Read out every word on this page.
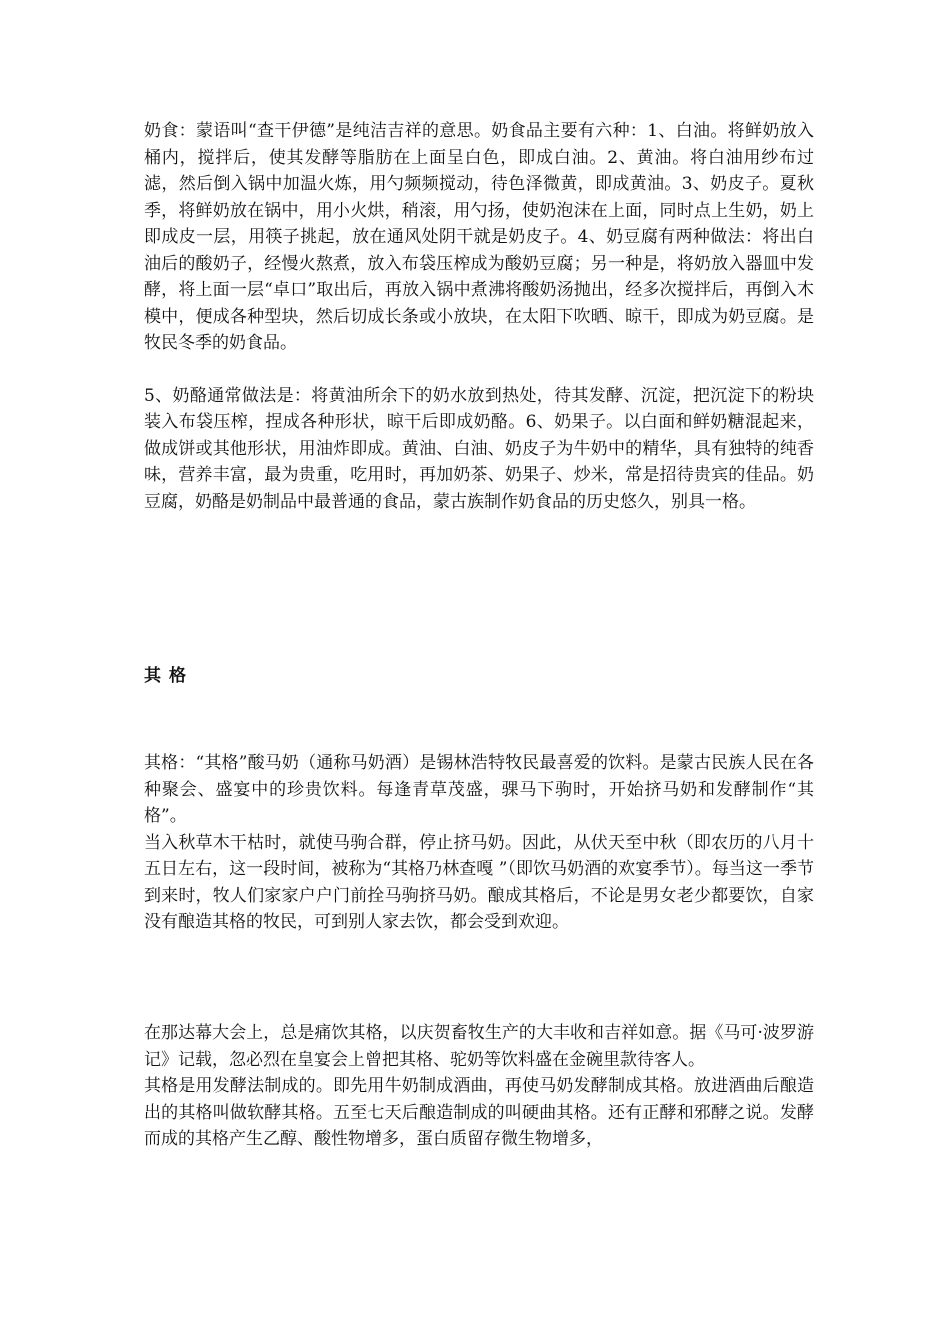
奶食：蒙语叫“查干伊德”是纯洁吉祥的意思。奶食品主要有六种：1、白油。将鲜奶放入桶内，搅拌后，使其发酵等脂肪在上面呈白色，即成白油。2、黄油。将白油用纱布过滤，然后倒入锅中加温火炼，用勺频频搅动，待色泽微黄，即成黄油。3、奶皮子。夏秋季，将鲜奶放在锅中，用小火烘，稍滚，用勺扬，使奶泡沫在上面，同时点上生奶，奶上即成皮一层，用筷子挑起，放在通风处阴干就是奶皮子。4、奶豆腐有两种做法：将出白油后的酸奶子，经慢火熬煮，放入布袋压榨成为酸奶豆腐；另一种是，将奶放入器皿中发酵，将上面一层“卓口”取出后，再放入锅中煮沸将酸奶汤抛出，经多次搅拌后，再倒入木模中，便成各种型块，然后切成长条或小放块，在太阳下吹晒、晾干，即成为奶豆腐。是牧民冬季的奶食品。

5、奶酪通常做法是：将黄油所余下的奶水放到热处，待其发酵、沉淀，把沉淀下的粉块装入布袋压榨，捏成各种形状，晾干后即成奶酪。6、奶果子。以白面和鲜奶糖混起来，做成饼或其他形状，用油炸即成。黄油、白油、奶皮子为牛奶中的精华，具有独特的纯香味，营养丰富，最为贵重，吃用时，再加奶茶、奶果子、炒米，常是招待贵宾的佳品。奶豆腐，奶酪是奶制品中最普通的食品，蒙古族制作奶食品的历史悠久，别具一格。

其格

其格：“其格”酸马奶（通称马奶酒）是锡林浩特牧民最喜爱的饮料。是蒙古民族人民在各种聚会、盛宴中的珍贵饮料。每逢青草茂盛，骒马下驹时，开始挤马奶和发酵制作“其格”。

当入秋草木干枯时，就使马驹合群，停止挤马奶。因此，从伏天至中秋（即农历的八月十五日左右，这一段时间，被称为“其格乃林查嘎 ”（即饮马奶酒的欢宴季节）。每当这一季节到来时，牧人们家家户户门前拴马驹挤马奶。酿成其格后，不论是男女老少都要饮，自家没有酿造其格的牧民，可到别人家去饮，都会受到欢迎。

在那达幕大会上，总是痛饮其格，以庆贺畜牧生产的大丰收和吉祥如意。据《马可·波罗游记》记载，忽必烈在皇宴会上曾把其格、驼奶等饮料盛在金碗里款待客人。

其格是用发酵法制成的。即先用牛奶制成酒曲，再使马奶发酵制成其格。放进酒曲后酿造出的其格叫做软酵其格。五至七天后酿造制成的叫硬曲其格。还有正酵和邪酵之说。发酵而成的其格产生乙醇、酸性物增多，蛋白质留存微生物增多，
